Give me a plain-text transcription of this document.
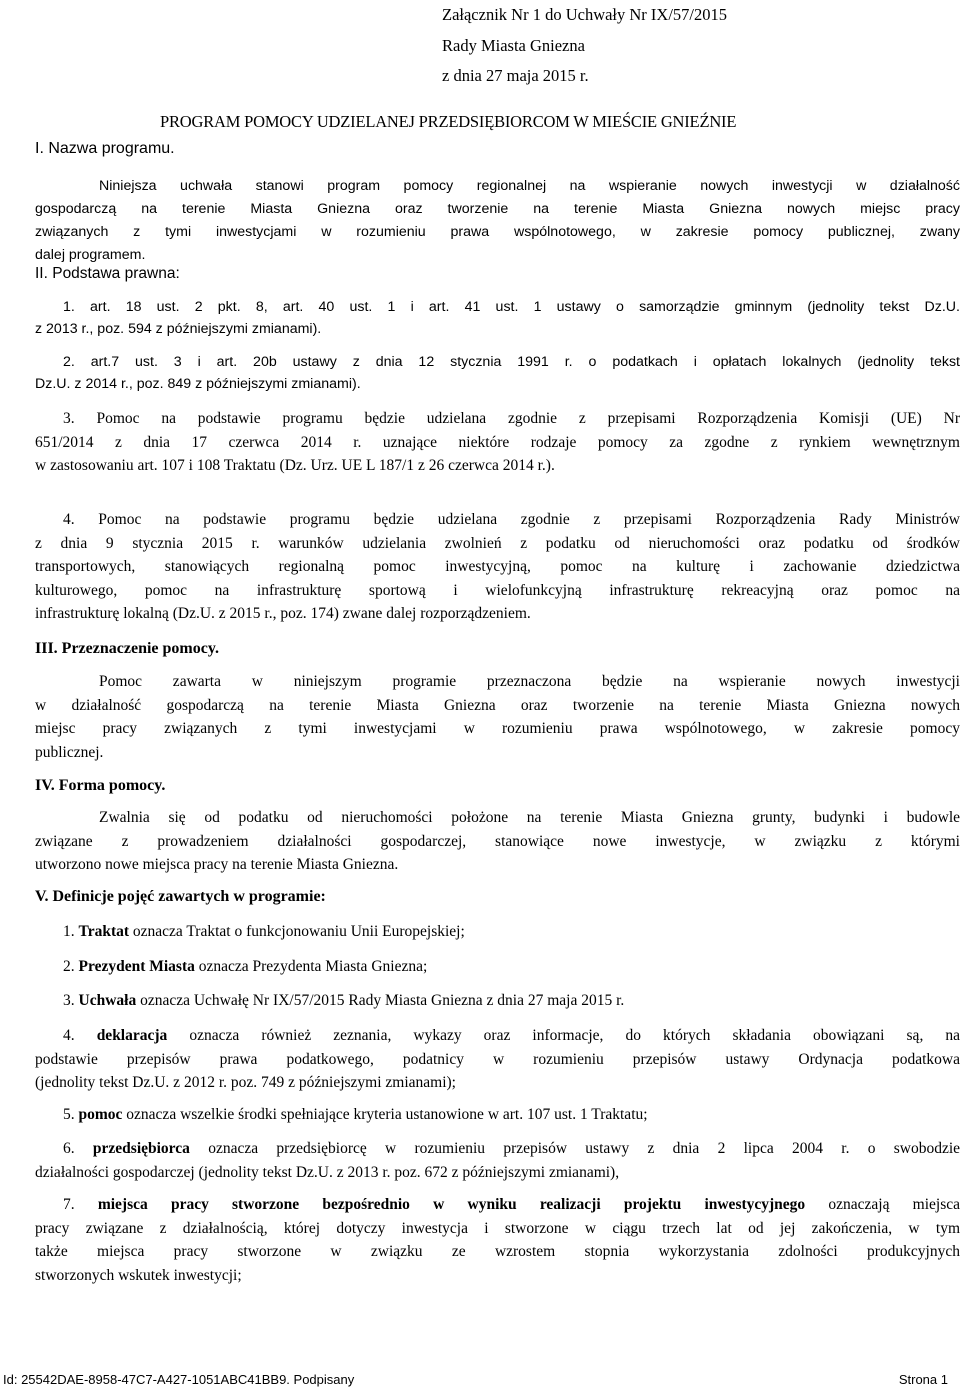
Załącznik Nr 1 do Uchwały Nr IX/57/2015
Rady Miasta Gniezna
z dnia 27 maja 2015 r.
PROGRAM POMOCY UDZIELANEJ PRZEDSIĘBIORCOM W MIEŚCIE GNIEŹNIE
I. Nazwa programu.
Niniejsza uchwała stanowi program pomocy regionalnej na wspieranie nowych inwestycji w działalność
gospodarczą na terenie Miasta Gniezna oraz tworzenie na terenie Miasta Gniezna nowych miejsc pracy
związanych z tymi inwestycjami w rozumieniu prawa wspólnotowego, w zakresie pomocy publicznej, zwany
dalej programem.
II. Podstawa prawna:
1. art. 18 ust. 2 pkt. 8, art. 40 ust. 1 i art. 41 ust. 1 ustawy o samorządzie gminnym (jednolity tekst Dz.U.
z 2013 r., poz. 594 z późniejszymi zmianami).
2. art.7 ust. 3 i art. 20b ustawy z dnia 12 stycznia 1991 r. o podatkach i opłatach lokalnych (jednolity tekst
Dz.U. z 2014 r., poz. 849 z późniejszymi zmianami).
3. Pomoc na podstawie programu będzie udzielana zgodnie z przepisami Rozporządzenia Komisji (UE) Nr
651/2014 z dnia 17 czerwca 2014 r. uznające niektóre rodzaje pomocy za zgodne z rynkiem wewnętrznym
w zastosowaniu art. 107 i 108 Traktatu (Dz. Urz. UE L 187/1 z 26 czerwca 2014 r.).
4. Pomoc na podstawie programu będzie udzielana zgodnie z przepisami Rozporządzenia Rady Ministrów
z dnia 9 stycznia 2015 r. warunków udzielania zwolnień z podatku od nieruchomości oraz podatku od środków
transportowych, stanowiących regionalną pomoc inwestycyjną, pomoc na kulturę i zachowanie dziedzictwa
kulturowego, pomoc na infrastrukturę sportową i wielofunkcyjną infrastrukturę rekreacyjną oraz pomoc na
infrastrukturę lokalną (Dz.U. z 2015 r., poz. 174) zwane dalej rozporządzeniem.
III. Przeznaczenie pomocy.
Pomoc zawarta w niniejszym programie przeznaczona będzie na wspieranie nowych inwestycji
w działalność gospodarczą na terenie Miasta Gniezna oraz tworzenie na terenie Miasta Gniezna nowych
miejsc pracy związanych z tymi inwestycjami w rozumieniu prawa wspólnotowego, w zakresie pomocy
publicznej.
IV. Forma pomocy.
Zwalnia się od podatku od nieruchomości położone na terenie Miasta Gniezna grunty, budynki i budowle
związane z prowadzeniem działalności gospodarczej, stanowiące nowe inwestycje, w związku z którymi
utworzono nowe miejsca pracy na terenie Miasta Gniezna.
V. Definicje pojęć zawartych w programie:
1. Traktat oznacza Traktat o funkcjonowaniu Unii Europejskiej;
2. Prezydent Miasta oznacza Prezydenta Miasta Gniezna;
3. Uchwała oznacza Uchwałę Nr IX/57/2015 Rady Miasta Gniezna z dnia 27 maja 2015 r.
4. deklaracja oznacza również zeznania, wykazy oraz informacje, do których składania obowiązani są, na
podstawie przepisów prawa podatkowego, podatnicy w rozumieniu przepisów ustawy Ordynacja podatkowa
(jednolity tekst Dz.U. z 2012 r. poz. 749 z późniejszymi zmianami);
5. pomoc oznacza wszelkie środki spełniające kryteria ustanowione w art. 107 ust. 1 Traktatu;
6. przedsiębiorca oznacza przedsiębiorcę w rozumieniu przepisów ustawy z dnia 2 lipca 2004 r. o swobodzie
działalności gospodarczej (jednolity tekst Dz.U. z 2013 r. poz. 672 z późniejszymi zmianami),
7. miejsca pracy stworzone bezpośrednio w wyniku realizacji projektu inwestycyjnego oznaczają miejsca
pracy związane z działalnością, której dotyczy inwestycja i stworzone w ciągu trzech lat od jej zakończenia, w tym
także miejsca pracy stworzone w związku ze wzrostem stopnia wykorzystania zdolności produkcyjnych
stworzonych wskutek inwestycji;
Id: 25542DAE-8958-47C7-A427-1051ABC41BB9. Podpisany	Strona 1
